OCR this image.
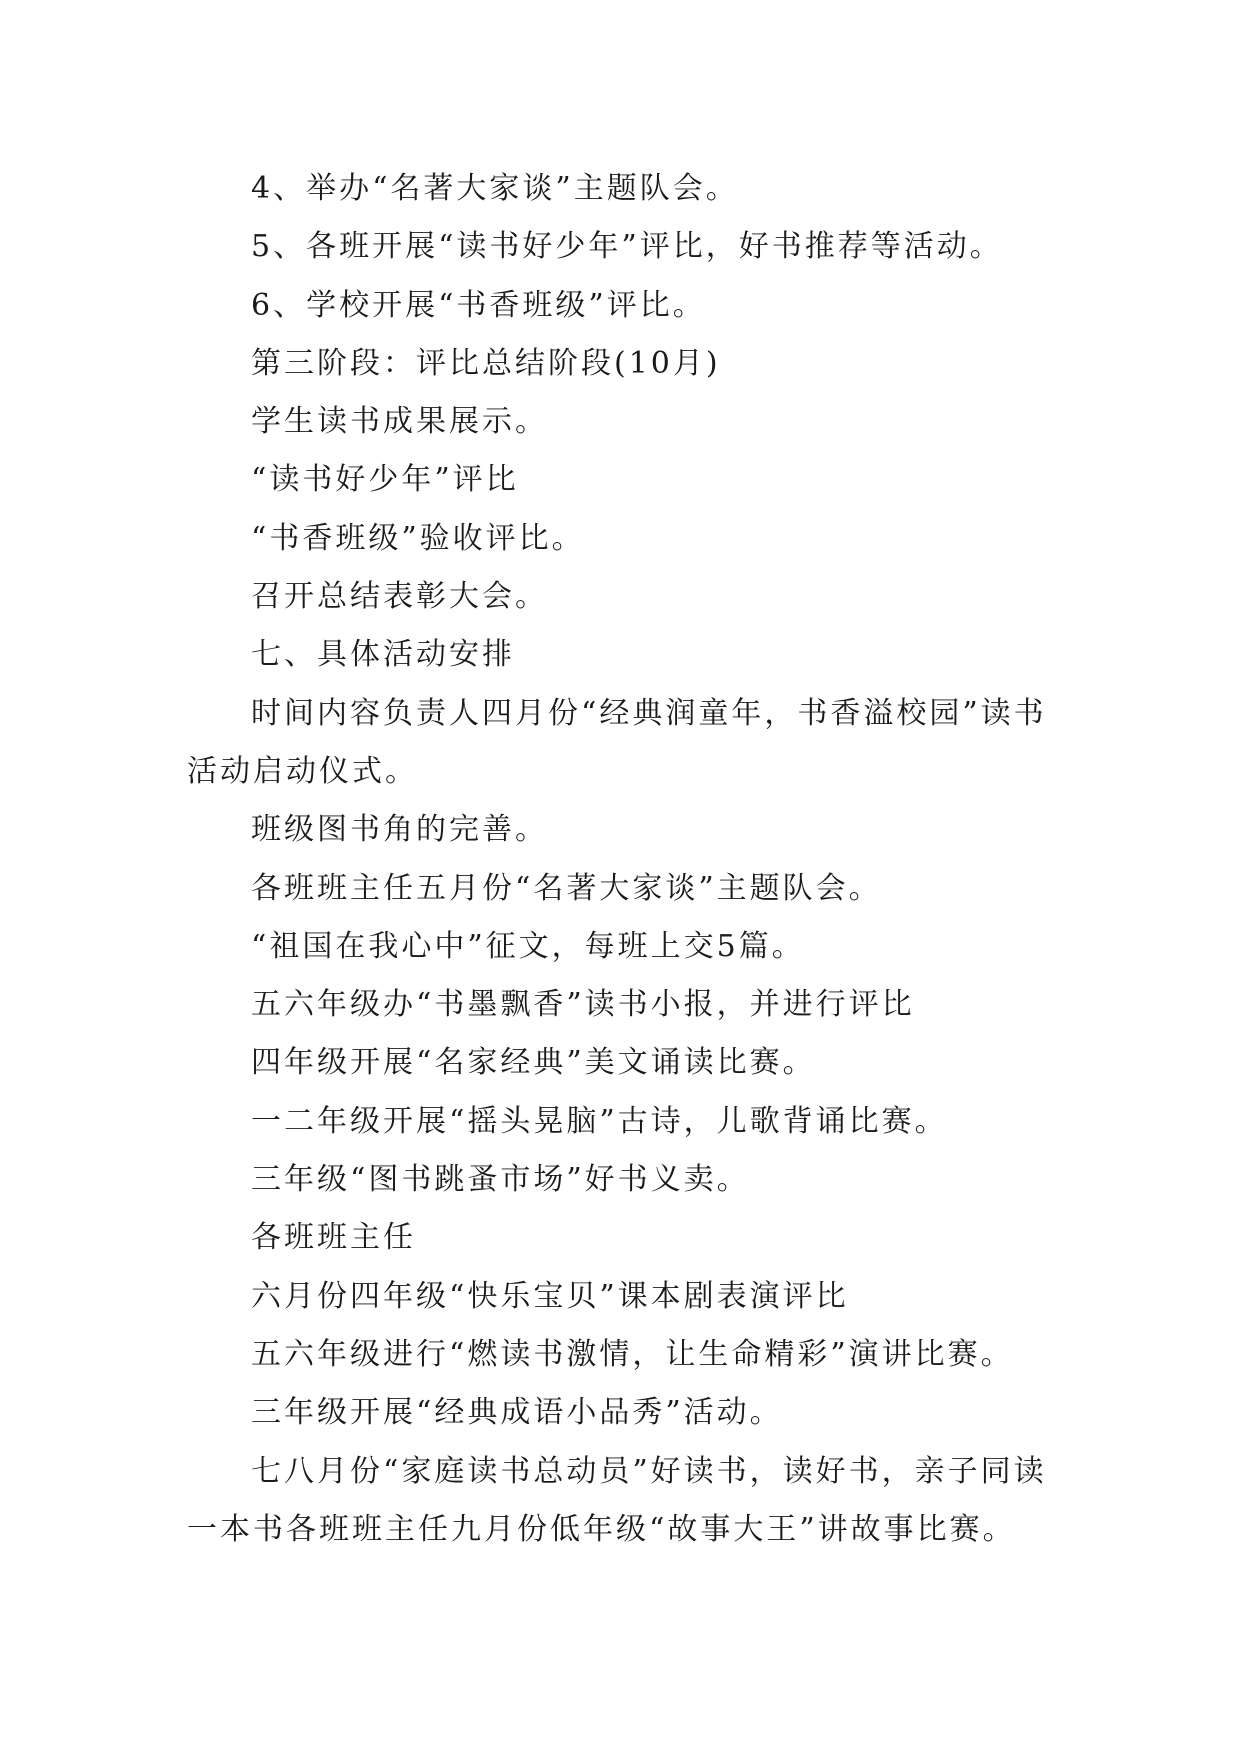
4、举办“名著大家谈”主题队会。

5、各班开展“读书好少年”评比，好书推荐等活动。

6、学校开展“书香班级”评比。

第三阶段：评比总结阶段(10月)

学生读书成果展示。

“读书好少年”评比

“书香班级”验收评比。

召开总结表彰大会。

七、具体活动安排

时间内容负责人四月份“经典润童年，书香溢校园”读书活动启动仪式。

班级图书角的完善。

各班班主任五月份“名著大家谈”主题队会。

“祖国在我心中”征文，每班上交5篇。

五六年级办“书墨飘香”读书小报，并进行评比

四年级开展“名家经典”美文诵读比赛。

一二年级开展“摇头晃脑”古诗，儿歌背诵比赛。

三年级“图书跳蚤市场”好书义卖。

各班班主任

六月份四年级“快乐宝贝”课本剧表演评比

五六年级进行“燃读书激情，让生命精彩”演讲比赛。

三年级开展“经典成语小品秀”活动。

七八月份“家庭读书总动员”好读书，读好书，亲子同读一本书各班班主任九月份低年级“故事大王”讲故事比赛。
